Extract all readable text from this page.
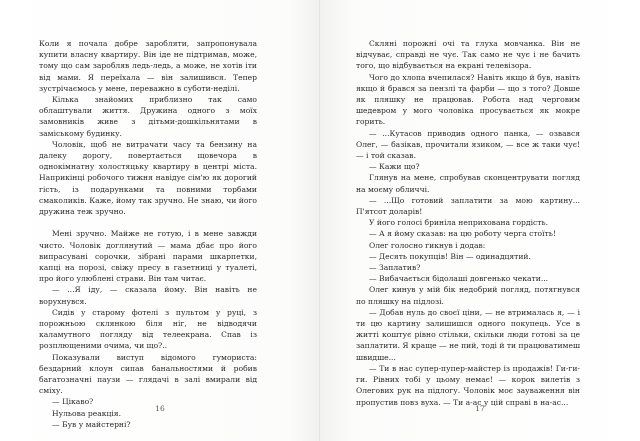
Коли я почала добре заробляти, запропонувала купити власну квартиру. Він іде не підтримав, може, тому що сам заробляв ледь-ледь, а може, не хотів іти від мами. Я переїхала — він залишився. Тепер зустрічаємось у мене, переважно в суботи-неділі.

Кілька знайомих приблизно так само облаштували життя. Дружина одного з моїх замовників живе з дітьми-дошкільнятами в заміському будинку.

Чоловік, щоб не витрачати часу та бензину на далеку дорогу, повертається щовечора в однокімнатну холостяцьку квартиру в центрі міста. Наприкінці робочого тижня навідує сім'ю як дорогий гість, із подарунками та повними торбами смаколиків. Каже, йому так зручно. Не знаю, чи його дружина теж зручно.

Мені зручно. Майже не готую, і в мене завжди чисто. Чоловік доглянутий — мама дбає про його випрасувані сорочки, зібрані парами шкарпетки, капці на порозі, свіжу пресу в газетниці у туалеті, про його улюблені страви. Він там читає.

— ...Я іду, — сказала йому. Він навіть не ворухнувся.

Сидів у старому фотелі з пультом у руці, з порожньою склянкою біля ніг, не відводячи каламутного погляду від телеекрана. Спав із розплющеними очима, чи що?..

Показували виступ відомого гумориста: бездарний клоун сипав банальностями й робив багатозначні паузи — глядачі в залі вмирали від сміху.

— Цікаво?

Нульова реакція.

— Був у майстерні?

16

Скляні порожні очі та глуха мовчанка. Він не відчуває, справді не чує. Так само не чує і не бачить того, що відбувається на екрані телевізора.

Чого до хлопа вчепилася? Навіть якщо й був, навіть якщо й брався за пензлі та фарби — що з того? Довше як пляшку не працював. Робота над черговим шедевром у мого чоловіка просувається як мокре горить.

— ...Кутасов приводив одного панка, — озвався Олег, — базікав, прочитали язиком, — все ж таки чує! — і той сказав.

— Кажи що?

Глянув на мене, спробував сконцентрувати погляд на моєму обличчі.

— ...Що готовий заплатити за мою картину... П'ятсот доларів!

У його голосі бриніла неприхована гордість.

— А я йому сказав: на цю роботу черга стоїть!

Олег голосно гикнув і додав:

— Десять покупців! Він — одинадцятий.

— Заплатив?

— Вибачається бідолаші довгенько чекати...

Олег кинув у мій бік недобрий погляд, потягнувся по пляшку на підлозі.

— Добав нуль до своєї ціни, — не втрималась я, — і ти цю картину залишишся одного покупець. Усе в житті коштує рівно стільки, скільки люди готові за це заплатити. Я краще — не пий, тоді й ти працюватимеш швидше...

— Ти в нас супер-пупер-майстер із продажів! Ги-ги-ги. Рівних тобі у цьому немає! — корок вилетів з Олегових рук на підлогу. Чоловік моє зауваження він пропустив повз вуха. — Ти а-ас у цій справі в на-ас...

17
